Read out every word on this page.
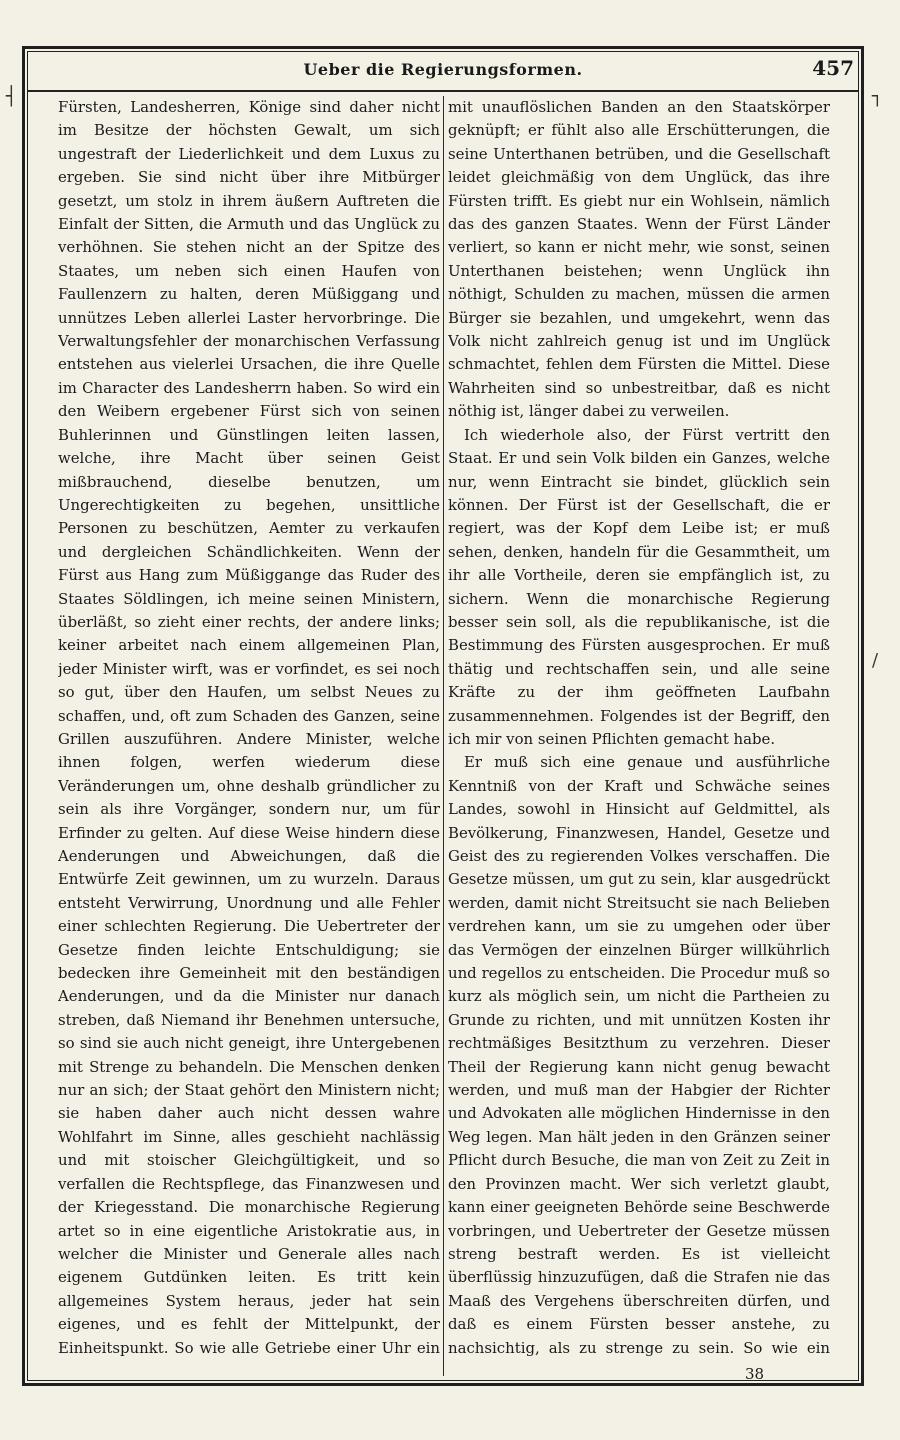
Ueber die Regierungsformen.	457
┤	┐
/

Fürsten, Landesherren, Könige sind daher nicht im Besitze der höchsten Gewalt, um sich ungestraft der Liederlichkeit und dem Luxus zu ergeben. Sie sind nicht über ihre Mitbürger gesetzt, um stolz in ihrem äußern Auftreten die Einfalt der Sitten, die Armuth und das Unglück zu verhöhnen. Sie stehen nicht an der Spitze des Staates, um neben sich einen Haufen von Faullenzern zu halten, deren Müßiggang und unnützes Leben allerlei Laster hervorbringe. Die Verwaltungsfehler der monarchischen Verfassung entstehen aus vielerlei Ursachen, die ihre Quelle im Character des Landesherrn haben. So wird ein den Weibern ergebener Fürst sich von seinen Buhlerinnen und Günstlingen leiten lassen, welche, ihre Macht über seinen Geist mißbrauchend, dieselbe benutzen, um Ungerechtigkeiten zu begehen, unsittliche Personen zu beschützen, Aemter zu verkaufen und dergleichen Schändlichkeiten. Wenn der Fürst aus Hang zum Müßiggange das Ruder des Staates Söldlingen, ich meine seinen Ministern, überläßt, so zieht einer rechts, der andere links; keiner arbeitet nach einem allgemeinen Plan, jeder Minister wirft, was er vorfindet, es sei noch so gut, über den Haufen, um selbst Neues zu schaffen, und, oft zum Schaden des Ganzen, seine Grillen auszuführen. Andere Minister, welche ihnen folgen, werfen wiederum diese Veränderungen um, ohne deshalb gründlicher zu sein als ihre Vorgänger, sondern nur, um für Erfinder zu gelten. Auf diese Weise hindern diese Aenderungen und Abweichungen, daß die Entwürfe Zeit gewinnen, um zu wurzeln. Daraus entsteht Verwirrung, Unordnung und alle Fehler einer schlechten Regierung. Die Uebertreter der Gesetze finden leichte Entschuldigung; sie bedecken ihre Gemeinheit mit den beständigen Aenderungen, und da die Minister nur danach streben, daß Niemand ihr Benehmen untersuche, so sind sie auch nicht geneigt, ihre Untergebenen mit Strenge zu behandeln. Die Menschen denken nur an sich; der Staat gehört den Ministern nicht; sie haben daher auch nicht dessen wahre Wohlfahrt im Sinne, alles geschieht nachlässig und mit stoischer Gleichgültigkeit, und so verfallen die Rechtspflege, das Finanzwesen und der Kriegesstand. Die monarchische Regierung artet so in eine eigentliche Aristokratie aus, in welcher die Minister und Generale alles nach eigenem Gutdünken leiten. Es tritt kein allgemeines System heraus, jeder hat sein eigenes, und es fehlt der Mittelpunkt, der Einheitspunkt. So wie alle Getriebe einer Uhr ein

mit unauflöslichen Banden an den Staatskörper geknüpft; er fühlt also alle Erschütterungen, die seine Unterthanen betrüben, und die Gesellschaft leidet gleichmäßig von dem Unglück, das ihre Fürsten trifft. Es giebt nur ein Wohlsein, nämlich das des ganzen Staates. Wenn der Fürst Länder verliert, so kann er nicht mehr, wie sonst, seinen Unterthanen beistehen; wenn Unglück ihn nöthigt, Schulden zu machen, müssen die armen Bürger sie bezahlen, und umgekehrt, wenn das Volk nicht zahlreich genug ist und im Unglück schmachtet, fehlen dem Fürsten die Mittel. Diese Wahrheiten sind so unbestreitbar, daß es nicht nöthig ist, länger dabei zu verweilen.

Ich wiederhole also, der Fürst vertritt den Staat. Er und sein Volk bilden ein Ganzes, welche nur, wenn Eintracht sie bindet, glücklich sein können. Der Fürst ist der Gesellschaft, die er regiert, was der Kopf dem Leibe ist; er muß sehen, denken, handeln für die Gesammtheit, um ihr alle Vortheile, deren sie empfänglich ist, zu sichern. Wenn die monarchische Regierung besser sein soll, als die republikanische, ist die Bestimmung des Fürsten ausgesprochen. Er muß thätig und rechtschaffen sein, und alle seine Kräfte zu der ihm geöffneten Laufbahn zusammennehmen. Folgendes ist der Begriff, den ich mir von seinen Pflichten gemacht habe.

Er muß sich eine genaue und ausführliche Kenntniß von der Kraft und Schwäche seines Landes, sowohl in Hinsicht auf Geldmittel, als Bevölkerung, Finanzwesen, Handel, Gesetze und Geist des zu regierenden Volkes verschaffen. Die Gesetze müssen, um gut zu sein, klar ausgedrückt werden, damit nicht Streitsucht sie nach Belieben verdrehen kann, um sie zu umgehen oder über das Vermögen der einzelnen Bürger willkührlich und regellos zu entscheiden. Die Procedur muß so kurz als möglich sein, um nicht die Partheien zu Grunde zu richten, und mit unnützen Kosten ihr rechtmäßiges Besitzthum zu verzehren. Dieser Theil der Regierung kann nicht genug bewacht werden, und muß man der Habgier der Richter und Advokaten alle möglichen Hindernisse in den Weg legen. Man hält jeden in den Gränzen seiner Pflicht durch Besuche, die man von Zeit zu Zeit in den Provinzen macht. Wer sich verletzt glaubt, kann einer geeigneten Behörde seine Beschwerde vorbringen, und Uebertreter der Gesetze müssen streng bestraft werden. Es ist vielleicht überflüssig hinzuzufügen, daß die Strafen nie das Maaß des Vergehens überschreiten dürfen, und daß es einem Fürsten besser anstehe, zu nachsichtig, als zu strenge zu sein. So wie ein

38
